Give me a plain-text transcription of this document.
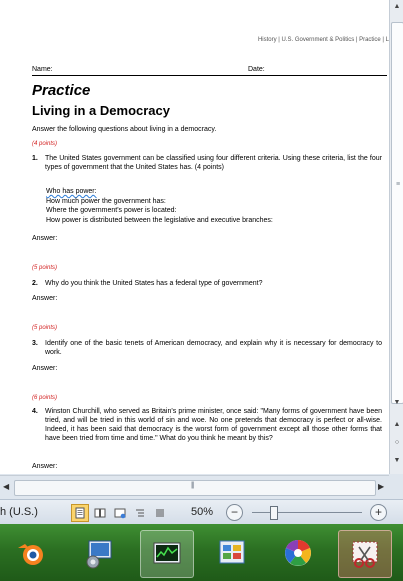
History | U.S. Government & Politics | Practice | L
Name:	Date:
Practice
Living in a Democracy
Answer the following questions about living in a democracy.
(4 points)
1.	The United States government can be classified using four different criteria. Using these criteria, list the four types of government that the United States has. (4 points)
Who has power:
How much power the government has:
Where the government's power is located:
How power is distributed between the legislative and executive branches:
Answer:
(5 points)
2.	Why do you think the United States has a federal type of government?
Answer:
(5 points)
3.	Identify one of the basic tenets of American democracy, and explain why it is necessary for democracy to work.
Answer:
(6 points)
4.	Winston Churchill, who served as Britain's prime minister, once said: "Many forms of government have been tried, and will be tried in this world of sin and woe. No one pretends that democracy is perfect or all-wise. Indeed, it has been said that democracy is the worst form of government except all those other forms that have been tried from time and time." What do you think he meant by this?
Answer:
▲
≡
▼
▲
○
▼
◀	|||	▶
h (U.S.)	50%	−	+
